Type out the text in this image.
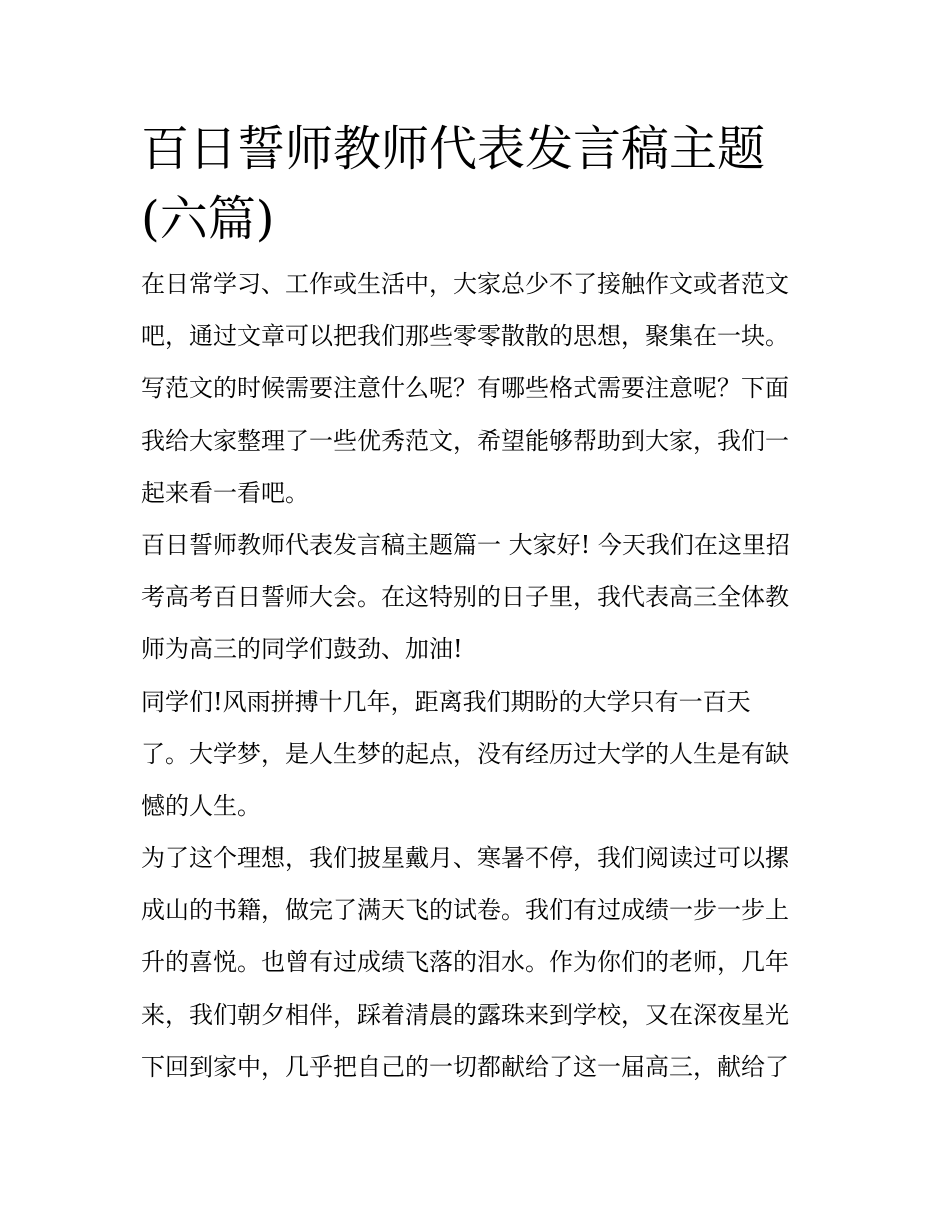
百日誓师教师代表发言稿主题
(六篇)
在日常学习、工作或生活中，大家总少不了接触作文或者范文
吧，通过文章可以把我们那些零零散散的思想，聚集在一块。
写范文的时候需要注意什么呢？有哪些格式需要注意呢？下面
我给大家整理了一些优秀范文，希望能够帮助到大家，我们一
起来看一看吧。
百日誓师教师代表发言稿主题篇一 大家好! 今天我们在这里招
考高考百日誓师大会。在这特别的日子里，我代表高三全体教
师为高三的同学们鼓劲、加油!
同学们!风雨拼搏十几年，距离我们期盼的大学只有一百天
了。大学梦，是人生梦的起点，没有经历过大学的人生是有缺
憾的人生。
为了这个理想，我们披星戴月、寒暑不停，我们阅读过可以摞
成山的书籍，做完了满天飞的试卷。我们有过成绩一步一步上
升的喜悦。也曾有过成绩飞落的泪水。作为你们的老师，几年
来，我们朝夕相伴，踩着清晨的露珠来到学校，又在深夜星光
下回到家中，几乎把自己的一切都献给了这一届高三，献给了
